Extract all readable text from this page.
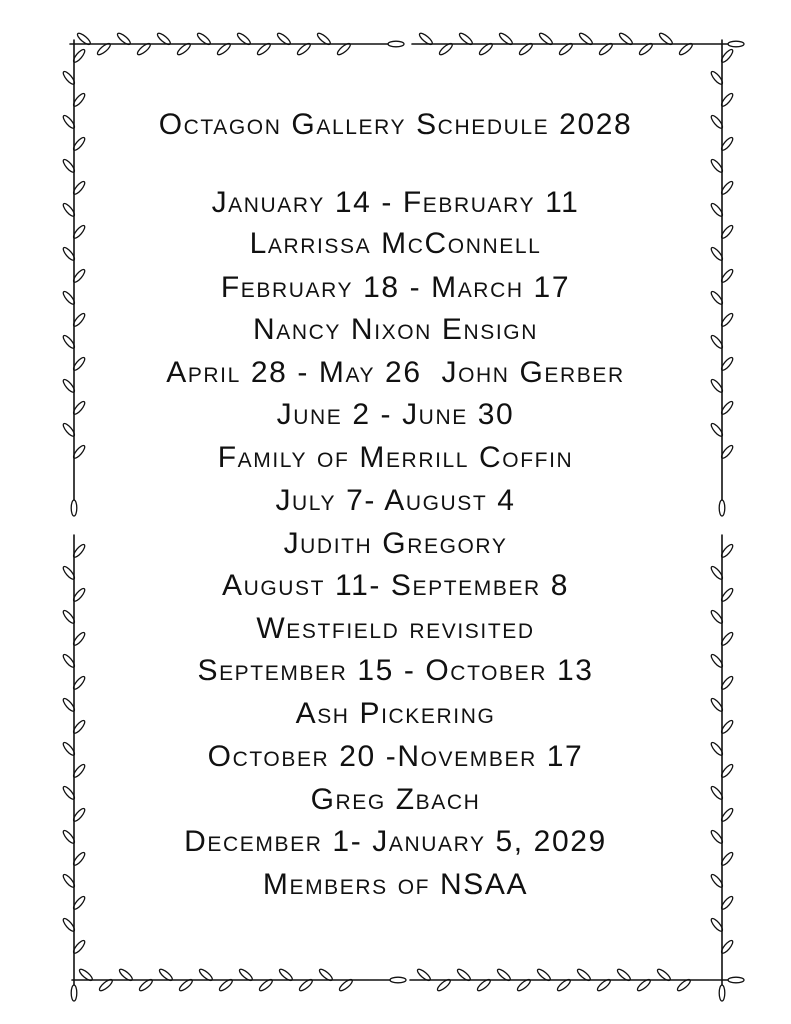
Octagon Gallery Schedule 2028
January 14 - February 11
Larrissa McConnell
February 18 - March 17
Nancy Nixon Ensign
April 28 - May 26  John Gerber
June 2 - June 30
Family of Merrill Coffin
July 7- August 4
Judith Gregory
August 11- September 8
Westfield revisited
September 15 - October 13
Ash Pickering
October 20 -November 17
Greg Zbach
December 1- January 5, 2029
Members of NSAA
